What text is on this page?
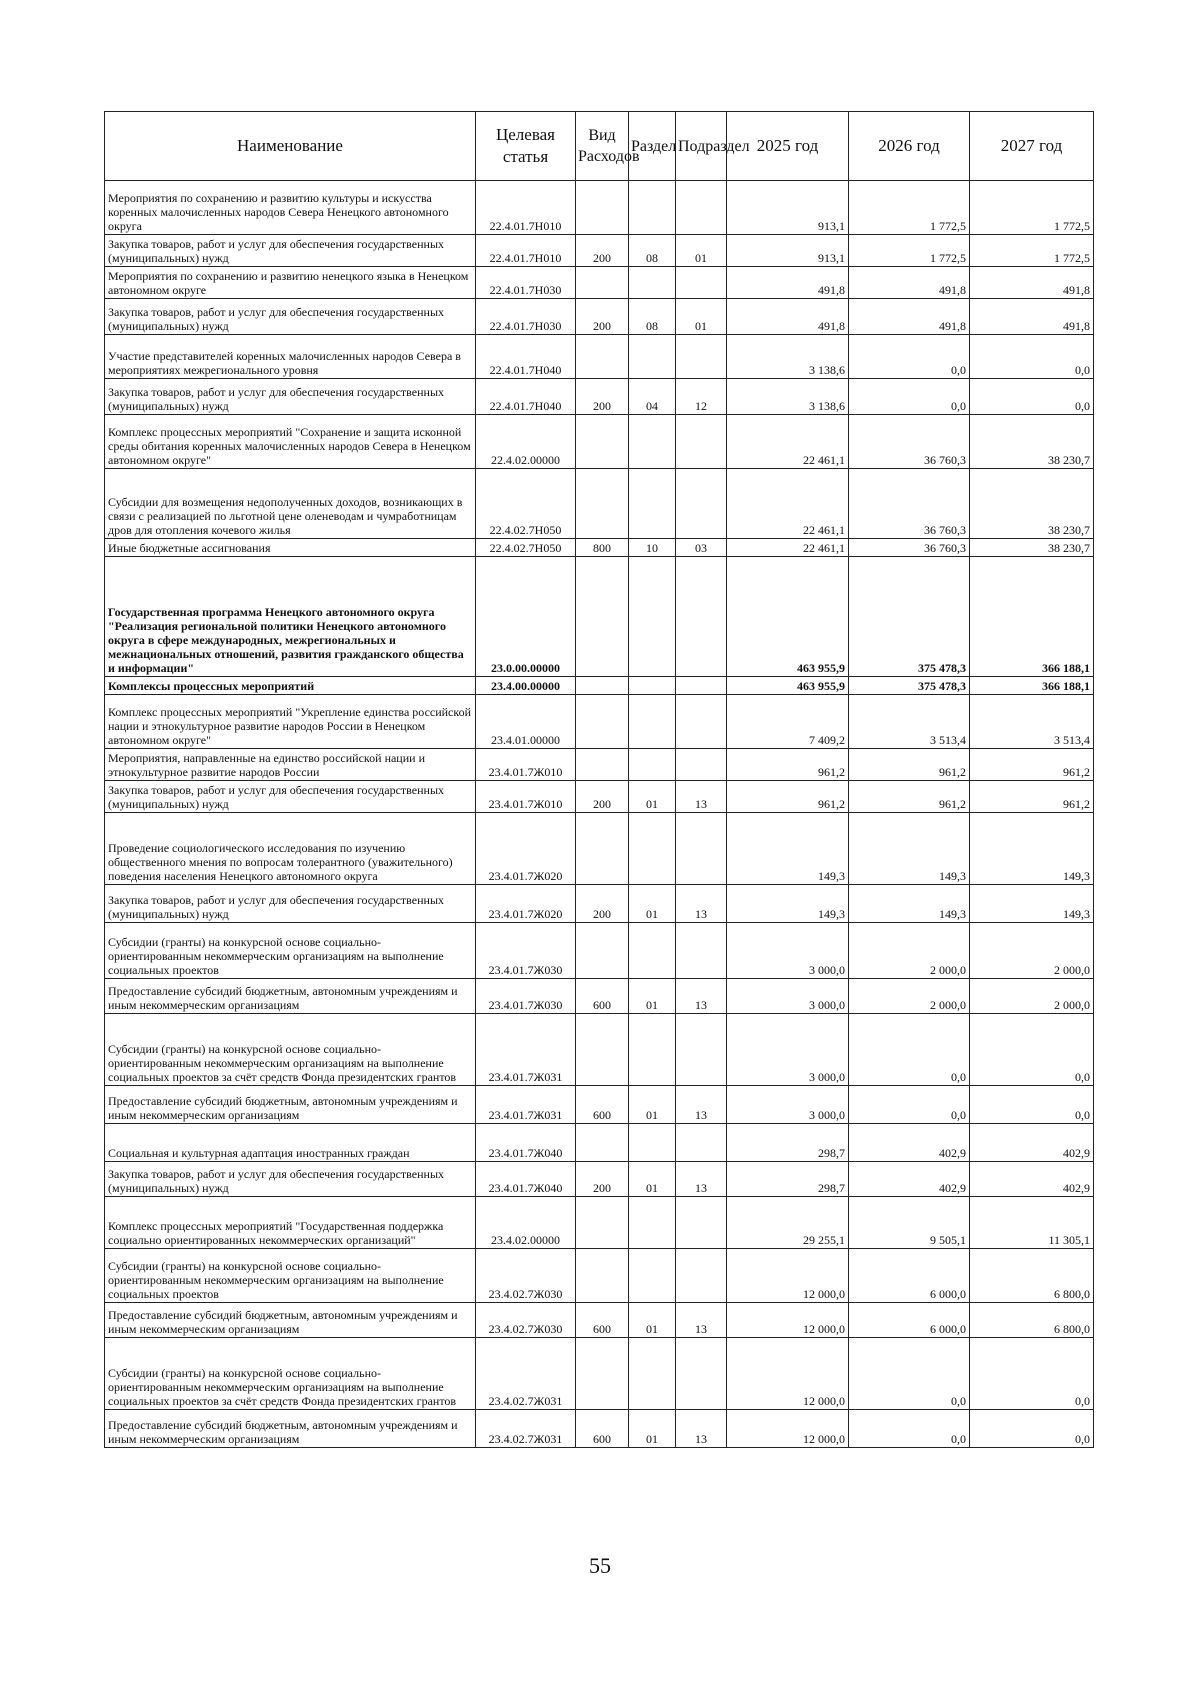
Наименование	Целевая статья	Вид Расходов	Раздел	Подраздел	2025 год	2026 год	2027 год
Мероприятия по сохранению и развитию культуры и искусства коренных малочисленных народов Севера Ненецкого автономного округа	22.4.01.7Н010				913,1	1 772,5	1 772,5
Закупка товаров, работ и услуг для обеспечения государственных (муниципальных) нужд	22.4.01.7Н010	200	08	01	913,1	1 772,5	1 772,5
Мероприятия по сохранению и развитию ненецкого языка в Ненецком автономном округе	22.4.01.7Н030				491,8	491,8	491,8
Закупка товаров, работ и услуг для обеспечения государственных (муниципальных) нужд	22.4.01.7Н030	200	08	01	491,8	491,8	491,8
Участие представителей коренных малочисленных народов Севера в мероприятиях межрегионального уровня	22.4.01.7Н040				3 138,6	0,0	0,0
Закупка товаров, работ и услуг для обеспечения государственных (муниципальных) нужд	22.4.01.7Н040	200	04	12	3 138,6	0,0	0,0
Комплекс процессных мероприятий "Сохранение и защита исконной среды обитания коренных малочисленных народов Севера в Ненецком автономном округе"	22.4.02.00000				22 461,1	36 760,3	38 230,7
Субсидии для возмещения недополученных доходов, возникающих в связи с реализацией по льготной цене оленеводам и чумработницам дров для отопления кочевого жилья	22.4.02.7Н050				22 461,1	36 760,3	38 230,7
Иные бюджетные ассигнования	22.4.02.7Н050	800	10	03	22 461,1	36 760,3	38 230,7
Государственная программа Ненецкого автономного округа "Реализация региональной политики Ненецкого автономного округа в сфере международных, межрегиональных и межнациональных отношений, развития гражданского общества и информации"	23.0.00.00000				463 955,9	375 478,3	366 188,1
Комплексы процессных мероприятий	23.4.00.00000				463 955,9	375 478,3	366 188,1
Комплекс процессных мероприятий "Укрепление единства российской нации и этнокультурное развитие народов России в Ненецком автономном округе"	23.4.01.00000				7 409,2	3 513,4	3 513,4
Мероприятия, направленные на единство российской нации и этнокультурное развитие народов России	23.4.01.7Ж010				961,2	961,2	961,2
Закупка товаров, работ и услуг для обеспечения государственных (муниципальных) нужд	23.4.01.7Ж010	200	01	13	961,2	961,2	961,2
Проведение социологического исследования по изучению общественного мнения по вопросам толерантного (уважительного) поведения населения Ненецкого автономного округа	23.4.01.7Ж020				149,3	149,3	149,3
Закупка товаров, работ и услуг для обеспечения государственных (муниципальных) нужд	23.4.01.7Ж020	200	01	13	149,3	149,3	149,3
Субсидии (гранты) на конкурсной основе социально-ориентированным некоммерческим организациям на выполнение социальных проектов	23.4.01.7Ж030				3 000,0	2 000,0	2 000,0
Предоставление субсидий бюджетным, автономным учреждениям и иным некоммерческим организациям	23.4.01.7Ж030	600	01	13	3 000,0	2 000,0	2 000,0
Субсидии (гранты) на конкурсной основе социально-ориентированным некоммерческим организациям на выполнение социальных проектов за счёт средств Фонда президентских грантов	23.4.01.7Ж031				3 000,0	0,0	0,0
Предоставление субсидий бюджетным, автономным учреждениям и иным некоммерческим организациям	23.4.01.7Ж031	600	01	13	3 000,0	0,0	0,0
Социальная и культурная адаптация иностранных граждан	23.4.01.7Ж040				298,7	402,9	402,9
Закупка товаров, работ и услуг для обеспечения государственных (муниципальных) нужд	23.4.01.7Ж040	200	01	13	298,7	402,9	402,9
Комплекс процессных мероприятий "Государственная поддержка социально ориентированных некоммерческих организаций"	23.4.02.00000				29 255,1	9 505,1	11 305,1
Субсидии (гранты) на конкурсной основе социально-ориентированным некоммерческим организациям на выполнение социальных проектов	23.4.02.7Ж030				12 000,0	6 000,0	6 800,0
Предоставление субсидий бюджетным, автономным учреждениям и иным некоммерческим организациям	23.4.02.7Ж030	600	01	13	12 000,0	6 000,0	6 800,0
Субсидии (гранты) на конкурсной основе социально-ориентированным некоммерческим организациям на выполнение социальных проектов за счёт средств Фонда президентских грантов	23.4.02.7Ж031				12 000,0	0,0	0,0
Предоставление субсидий бюджетным, автономным учреждениям и иным некоммерческим организациям	23.4.02.7Ж031	600	01	13	12 000,0	0,0	0,0
55
